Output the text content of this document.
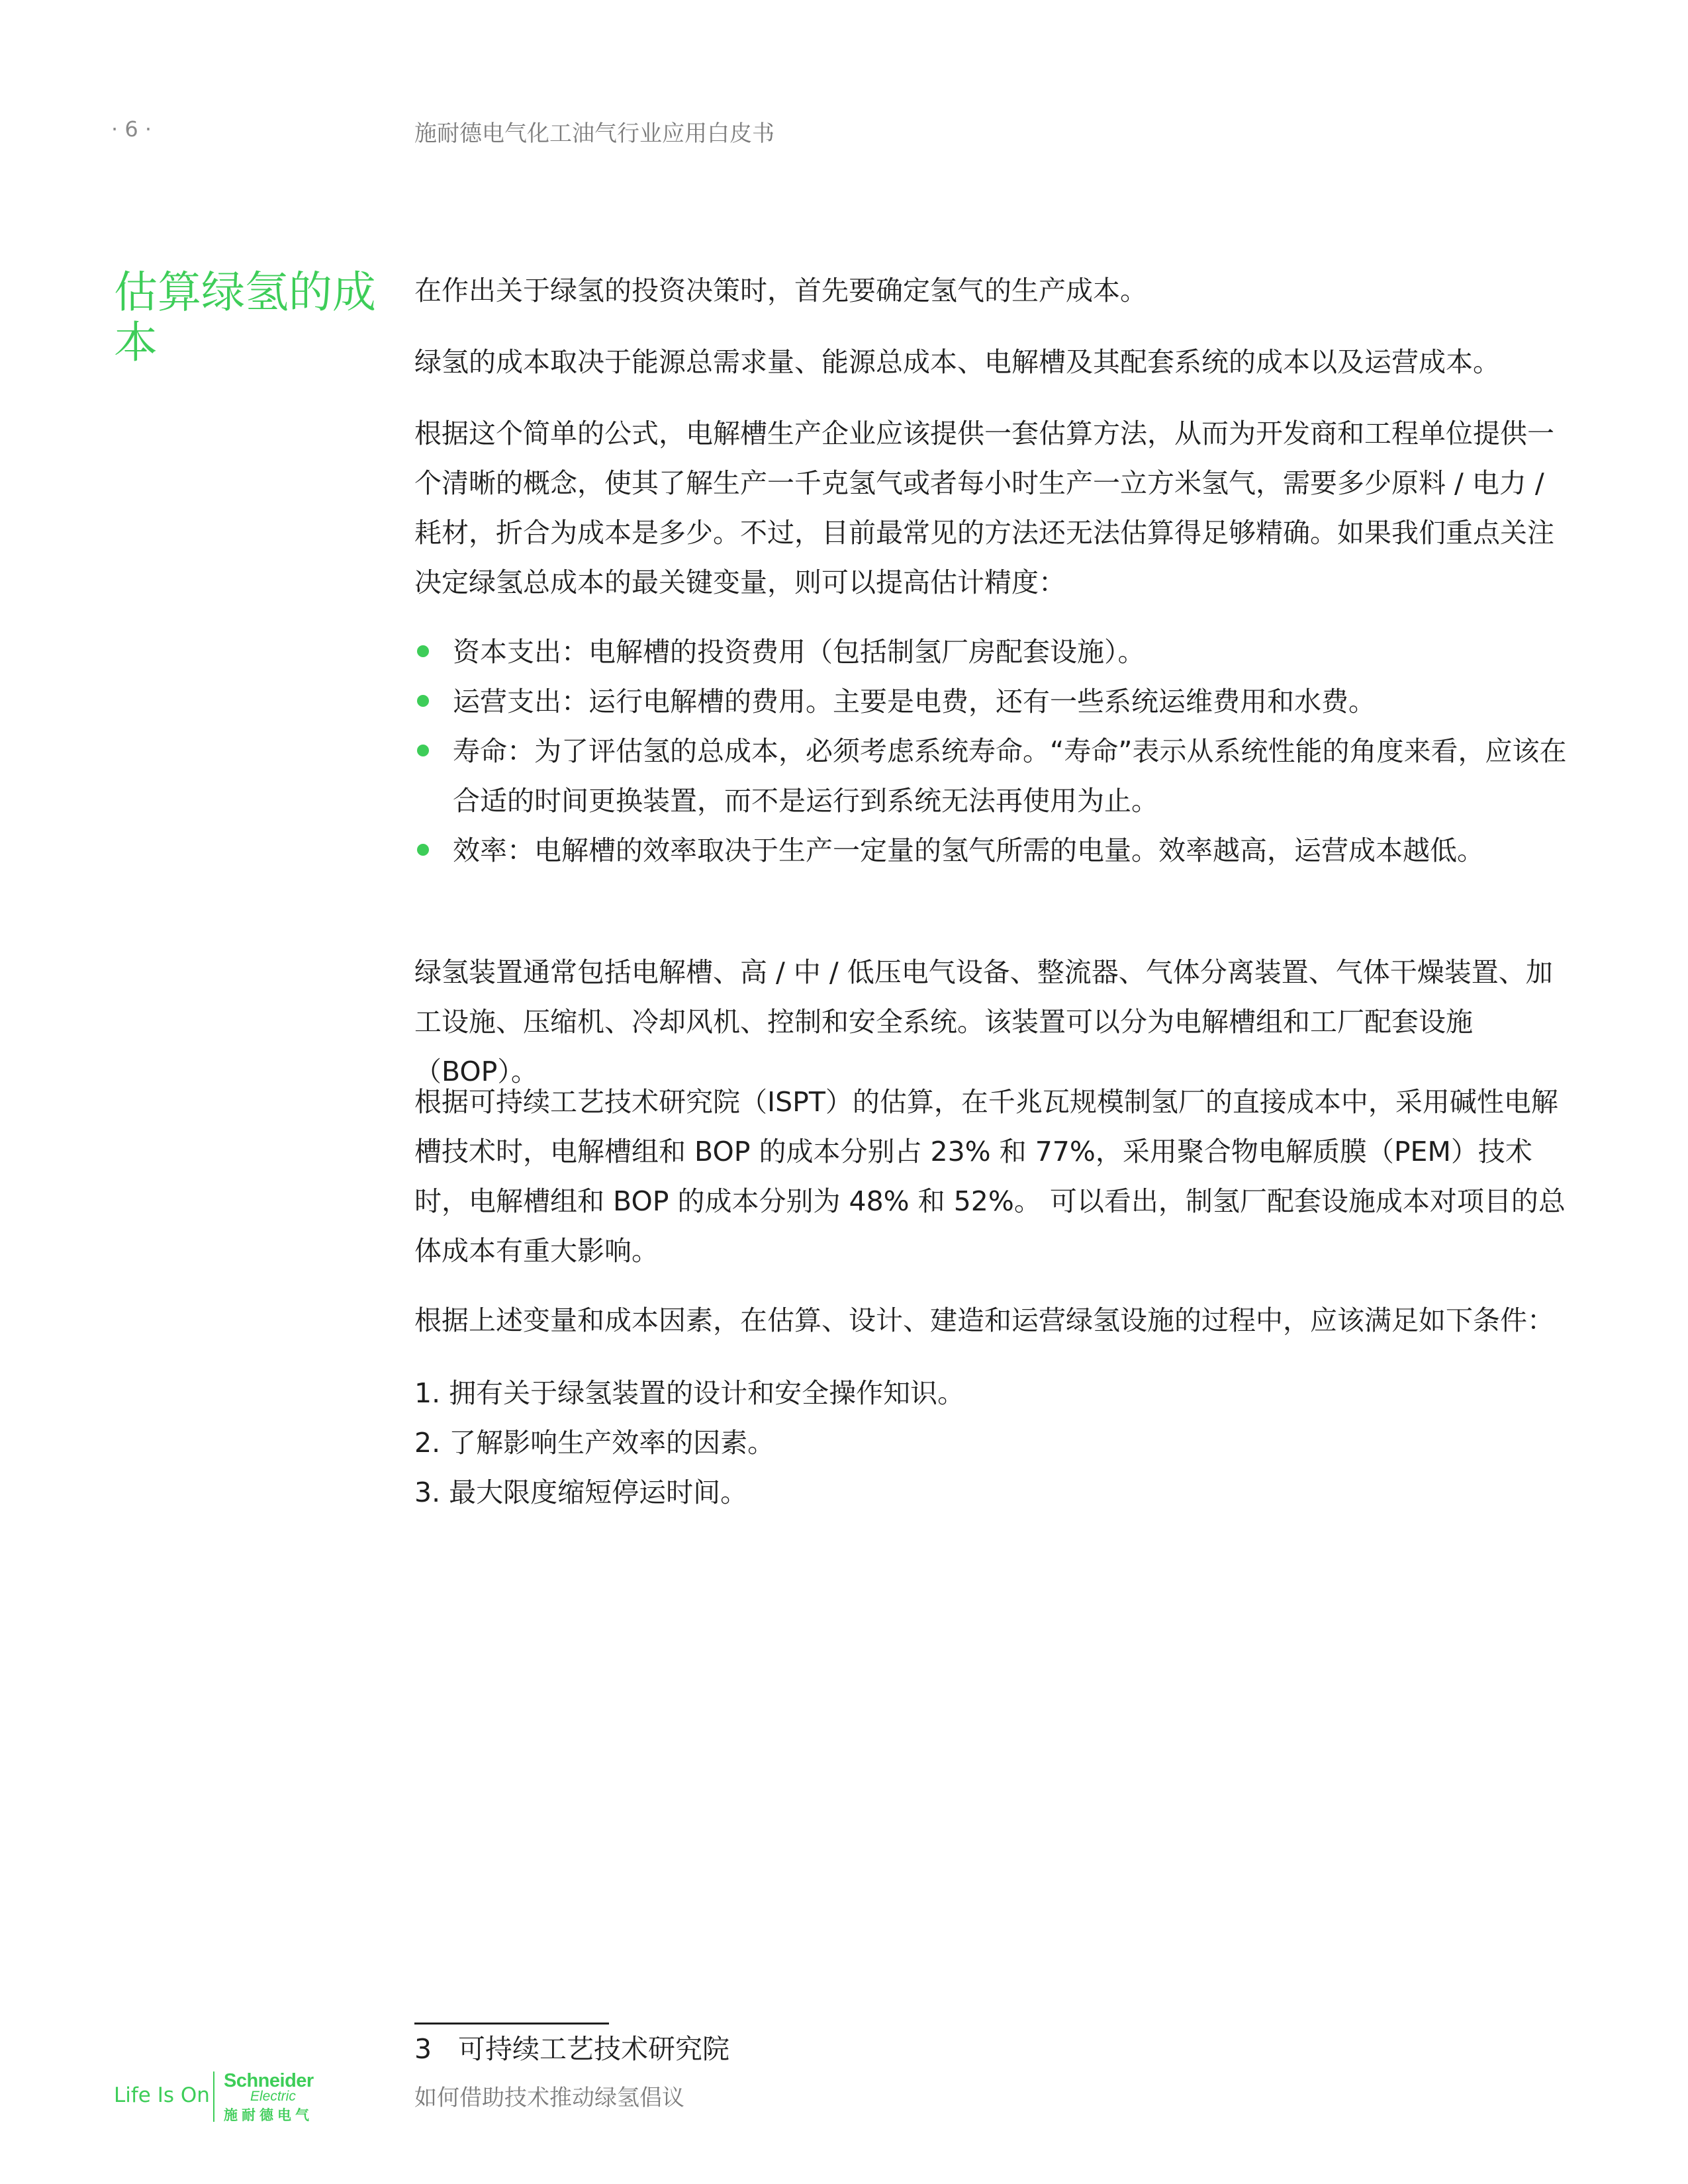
· 6 ·	施耐德电气化工油气行业应用白皮书
估算绿氢的成本

在作出关于绿氢的投资决策时，首先要确定氢气的生产成本。

绿氢的成本取决于能源总需求量、能源总成本、电解槽及其配套系统的成本以及运营成本。

根据这个简单的公式，电解槽生产企业应该提供一套估算方法，从而为开发商和工程单位提供一个清晰的概念，使其了解生产一千克氢气或者每小时生产一立方米氢气，需要多少原料 / 电力 / 耗材，折合为成本是多少。不过，目前最常见的方法还无法估算得足够精确。如果我们重点关注决定绿氢总成本的最关键变量，则可以提高估计精度：

资本支出：电解槽的投资费用（包括制氢厂房配套设施）。
运营支出：运行电解槽的费用。主要是电费，还有一些系统运维费用和水费。
寿命：为了评估氢的总成本，必须考虑系统寿命。“寿命”表示从系统性能的角度来看，应该在合适的时间更换装置，而不是运行到系统无法再使用为止。
效率：电解槽的效率取决于生产一定量的氢气所需的电量。效率越高，运营成本越低。

绿氢装置通常包括电解槽、高 / 中 / 低压电气设备、整流器、气体分离装置、气体干燥装置、加工设施、压缩机、冷却风机、控制和安全系统。该装置可以分为电解槽组和工厂配套设施（BOP）。

根据可持续工艺技术研究院（ISPT）的估算，在千兆瓦规模制氢厂的直接成本中，采用碱性电解槽技术时，电解槽组和 BOP 的成本分别占 23% 和 77%，采用聚合物电解质膜（PEM）技术时，电解槽组和 BOP 的成本分别为 48% 和 52%。 可以看出，制氢厂配套设施成本对项目的总体成本有重大影响。

根据上述变量和成本因素，在估算、设计、建造和运营绿氢设施的过程中，应该满足如下条件：

1. 拥有关于绿氢装置的设计和安全操作知识。
2. 了解影响生产效率的因素。
3. 最大限度缩短停运时间。
3 可持续工艺技术研究院
Life Is On
Schneider
Electric
施耐德电气
如何借助技术推动绿氢倡议
